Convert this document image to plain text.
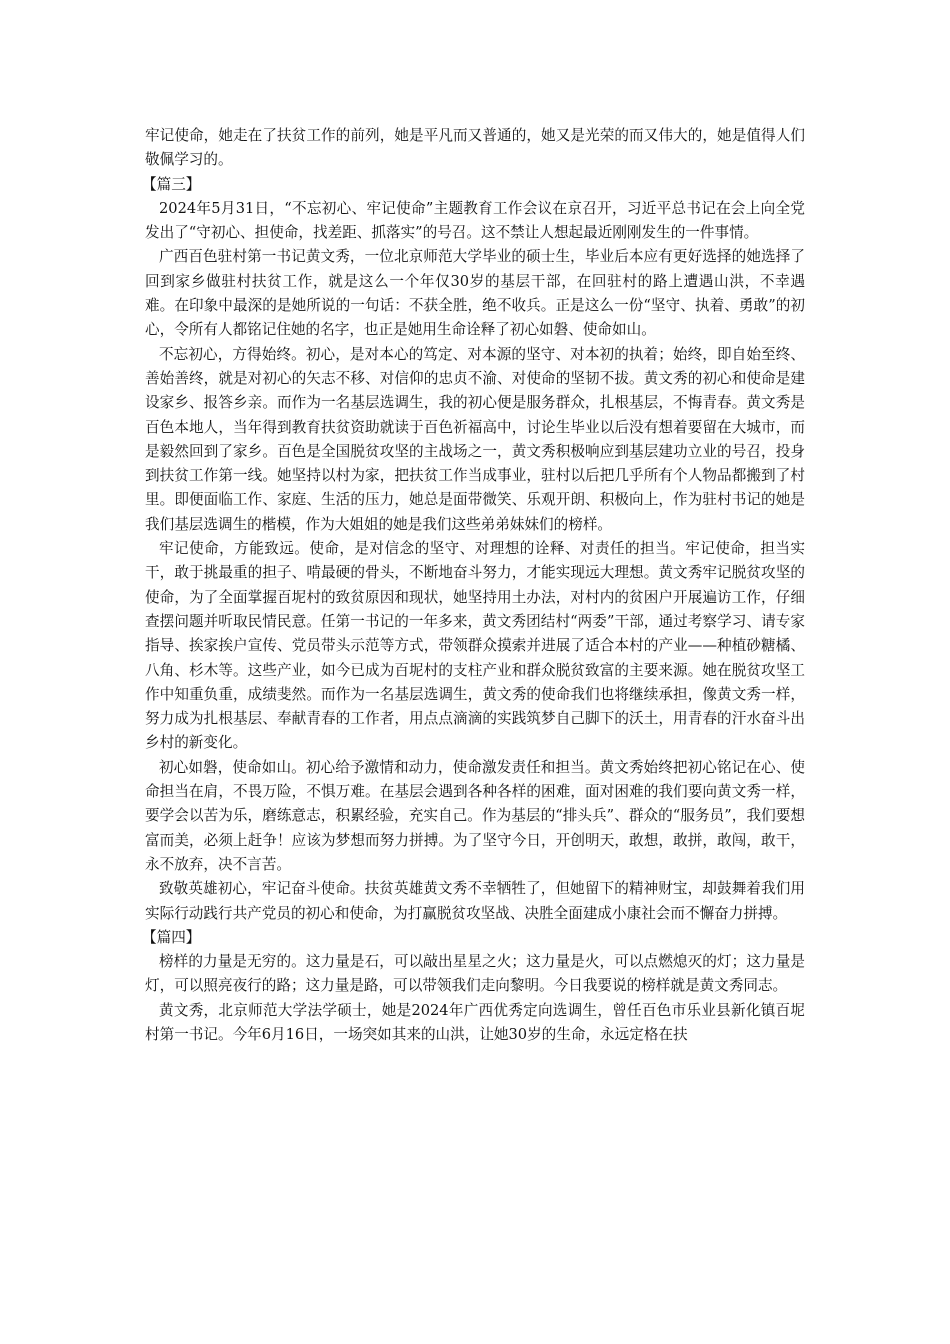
牢记使命，她走在了扶贫工作的前列，她是平凡而又普通的，她又是光荣的而又伟大的，她是值得人们敬佩学习的。

【篇三】

2024年5月31日，“不忘初心、牢记使命”主题教育工作会议在京召开，习近平总书记在会上向全党发出了“守初心、担使命，找差距、抓落实”的号召。这不禁让人想起最近刚刚发生的一件事情。

广西百色驻村第一书记黄文秀，一位北京师范大学毕业的硕士生，毕业后本应有更好选择的她选择了回到家乡做驻村扶贫工作，就是这么一个年仅30岁的基层干部，在回驻村的路上遭遇山洪，不幸遇难。在印象中最深的是她所说的一句话：不获全胜，绝不收兵。正是这么一份“坚守、执着、勇敢”的初心，令所有人都铭记住她的名字，也正是她用生命诠释了初心如磐、使命如山。

不忘初心，方得始终。初心，是对本心的笃定、对本源的坚守、对本初的执着；始终，即自始至终、善始善终，就是对初心的矢志不移、对信仰的忠贞不渝、对使命的坚韧不拔。黄文秀的初心和使命是建设家乡、报答乡亲。而作为一名基层选调生，我的初心便是服务群众，扎根基层，不悔青春。黄文秀是百色本地人，当年得到教育扶贫资助就读于百色祈福高中，讨论生毕业以后没有想着要留在大城市，而是毅然回到了家乡。百色是全国脱贫攻坚的主战场之一，黄文秀积极响应到基层建功立业的号召，投身到扶贫工作第一线。她坚持以村为家，把扶贫工作当成事业，驻村以后把几乎所有个人物品都搬到了村里。即便面临工作、家庭、生活的压力，她总是面带微笑、乐观开朗、积极向上，作为驻村书记的她是我们基层选调生的楷模，作为大姐姐的她是我们这些弟弟妹妹们的榜样。

牢记使命，方能致远。使命，是对信念的坚守、对理想的诠释、对责任的担当。牢记使命，担当实干，敢于挑最重的担子、啃最硬的骨头，不断地奋斗努力，才能实现远大理想。黄文秀牢记脱贫攻坚的使命，为了全面掌握百坭村的致贫原因和现状，她坚持用土办法，对村内的贫困户开展遍访工作，仔细查摆问题并听取民情民意。任第一书记的一年多来，黄文秀团结村“两委”干部，通过考察学习、请专家指导、挨家挨户宣传、党员带头示范等方式，带领群众摸索并进展了适合本村的产业——种植砂糖橘、八角、杉木等。这些产业，如今已成为百坭村的支柱产业和群众脱贫致富的主要来源。她在脱贫攻坚工作中知重负重，成绩斐然。而作为一名基层选调生，黄文秀的使命我们也将继续承担，像黄文秀一样，努力成为扎根基层、奉献青春的工作者，用点点滴滴的实践筑梦自己脚下的沃土，用青春的汗水奋斗出乡村的新变化。

初心如磐，使命如山。初心给予激情和动力，使命激发责任和担当。黄文秀始终把初心铭记在心、使命担当在肩，不畏万险，不惧万难。在基层会遇到各种各样的困难，面对困难的我们要向黄文秀一样，要学会以苦为乐，磨练意志，积累经验，充实自己。作为基层的“排头兵”、群众的“服务员”，我们要想富而美，必须上赶争！应该为梦想而努力拼搏。为了坚守今日，开创明天，敢想，敢拼，敢闯，敢干，永不放弃，决不言苦。

致敬英雄初心，牢记奋斗使命。扶贫英雄黄文秀不幸牺牲了，但她留下的精神财宝，却鼓舞着我们用实际行动践行共产党员的初心和使命，为打赢脱贫攻坚战、决胜全面建成小康社会而不懈奋力拼搏。

【篇四】

榜样的力量是无穷的。这力量是石，可以敲出星星之火；这力量是火，可以点燃熄灭的灯；这力量是灯，可以照亮夜行的路；这力量是路，可以带领我们走向黎明。今日我要说的榜样就是黄文秀同志。

黄文秀，北京师范大学法学硕士，她是2024年广西优秀定向选调生，曾任百色市乐业县新化镇百坭村第一书记。今年6月16日，一场突如其来的山洪，让她30岁的生命，永远定格在扶
